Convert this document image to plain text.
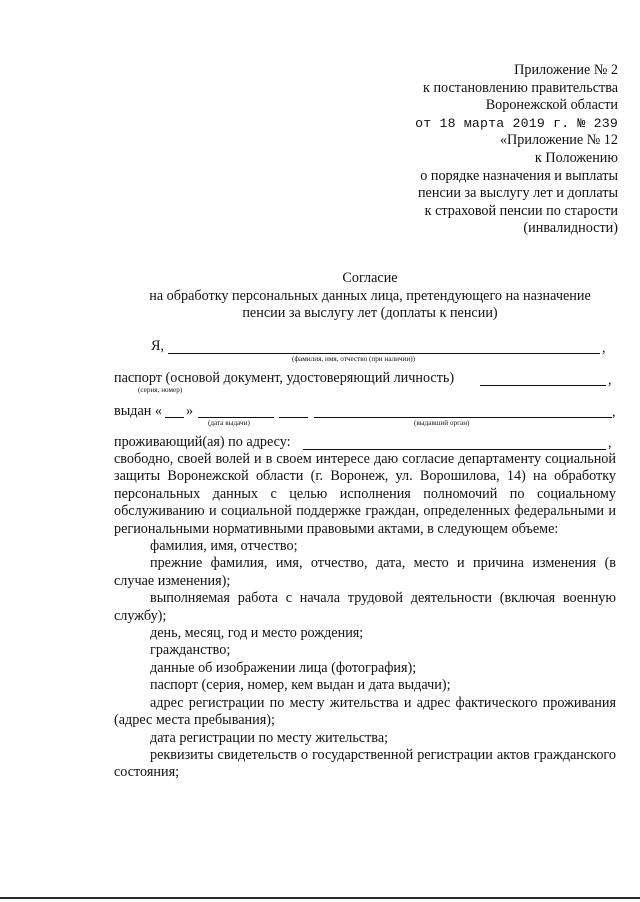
Приложение № 2
к постановлению правительства
Воронежской области
от 18 марта 2019 г. № 239
«Приложение № 12
к Положению
о порядке назначения и выплаты
пенсии за выслугу лет и доплаты
к страховой пенсии по старости
(инвалидности)
Согласие
на обработку персональных данных лица, претендующего на назначение
пенсии за выслугу лет (доплаты к пенсии)
Я,	,
(фамилия, имя, отчество (при наличии))
паспорт (основой документ, удостоверяющий личность)	,
(серия, номер)
выдан « »	,
(дата выдачи)	(выдавший орган)
проживающий(ая) по адресу:	,

свободно, своей волей и в своем интересе даю согласие департаменту социальной защиты Воронежской области (г. Воронеж, ул. Ворошилова, 14) на обработку персональных данных с целью исполнения полномочий по социальному обслуживанию и социальной поддержке граждан, определенных федеральными и региональными нормативными правовыми актами, в следующем объеме:

фамилия, имя, отчество;

прежние фамилия, имя, отчество, дата, место и причина изменения (в случае изменения);

выполняемая работа с начала трудовой деятельности (включая военную службу);

день, месяц, год и место рождения;

гражданство;

данные об изображении лица (фотография);

паспорт (серия, номер, кем выдан и дата выдачи);

адрес регистрации по месту жительства и адрес фактического проживания (адрес места пребывания);

дата регистрации по месту жительства;

реквизиты свидетельств о государственной регистрации актов гражданского состояния;
